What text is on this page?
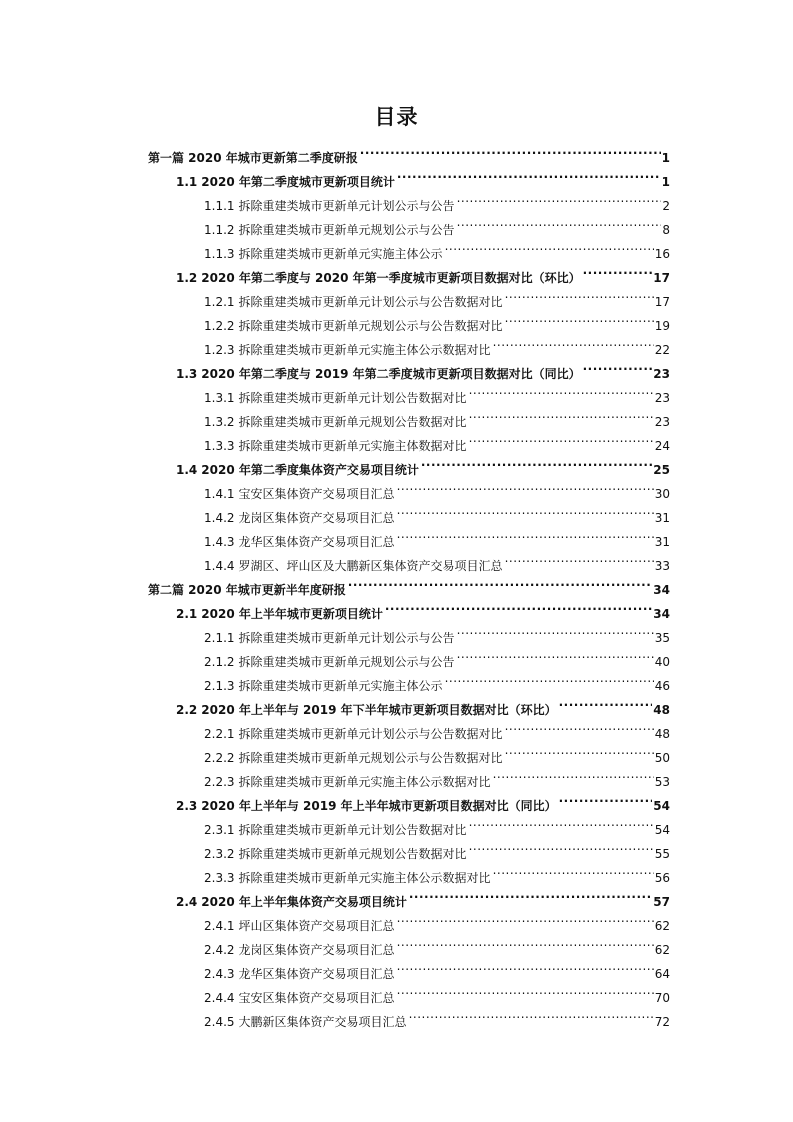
目录
第一篇 2020 年城市更新第二季度研报 .....	1
1.1 2020 年第二季度城市更新项目统计 .....	1
1.1.1 拆除重建类城市更新单元计划公示与公告 .....	2
1.1.2 拆除重建类城市更新单元规划公示与公告 .....	8
1.1.3 拆除重建类城市更新单元实施主体公示 .....	16
1.2 2020 年第二季度与 2020 年第一季度城市更新项目数据对比（环比） .....	17
1.2.1 拆除重建类城市更新单元计划公示与公告数据对比 .....	17
1.2.2 拆除重建类城市更新单元规划公示与公告数据对比 .....	19
1.2.3 拆除重建类城市更新单元实施主体公示数据对比 .....	22
1.3 2020 年第二季度与 2019 年第二季度城市更新项目数据对比（同比） .....	23
1.3.1 拆除重建类城市更新单元计划公告数据对比 .....	23
1.3.2 拆除重建类城市更新单元规划公告数据对比 .....	23
1.3.3 拆除重建类城市更新单元实施主体数据对比 .....	24
1.4 2020 年第二季度集体资产交易项目统计 .....	25
1.4.1 宝安区集体资产交易项目汇总 .....	30
1.4.2 龙岗区集体资产交易项目汇总 .....	31
1.4.3 龙华区集体资产交易项目汇总 .....	31
1.4.4 罗湖区、坪山区及大鹏新区集体资产交易项目汇总 .....	33
第二篇 2020 年城市更新半年度研报 .....	34
2.1 2020 年上半年城市更新项目统计 .....	34
2.1.1 拆除重建类城市更新单元计划公示与公告 .....	35
2.1.2 拆除重建类城市更新单元规划公示与公告 .....	40
2.1.3 拆除重建类城市更新单元实施主体公示 .....	46
2.2 2020 年上半年与 2019 年下半年城市更新项目数据对比（环比） .....	48
2.2.1 拆除重建类城市更新单元计划公示与公告数据对比 .....	48
2.2.2 拆除重建类城市更新单元规划公示与公告数据对比 .....	50
2.2.3 拆除重建类城市更新单元实施主体公示数据对比 .....	53
2.3 2020 年上半年与 2019 年上半年城市更新项目数据对比（同比） .....	54
2.3.1 拆除重建类城市更新单元计划公告数据对比 .....	54
2.3.2 拆除重建类城市更新单元规划公告数据对比 .....	55
2.3.3 拆除重建类城市更新单元实施主体公示数据对比 .....	56
2.4 2020 年上半年集体资产交易项目统计 .....	57
2.4.1 坪山区集体资产交易项目汇总 .....	62
2.4.2 龙岗区集体资产交易项目汇总 .....	62
2.4.3 龙华区集体资产交易项目汇总 .....	64
2.4.4 宝安区集体资产交易项目汇总 .....	70
2.4.5 大鹏新区集体资产交易项目汇总 .....	72
